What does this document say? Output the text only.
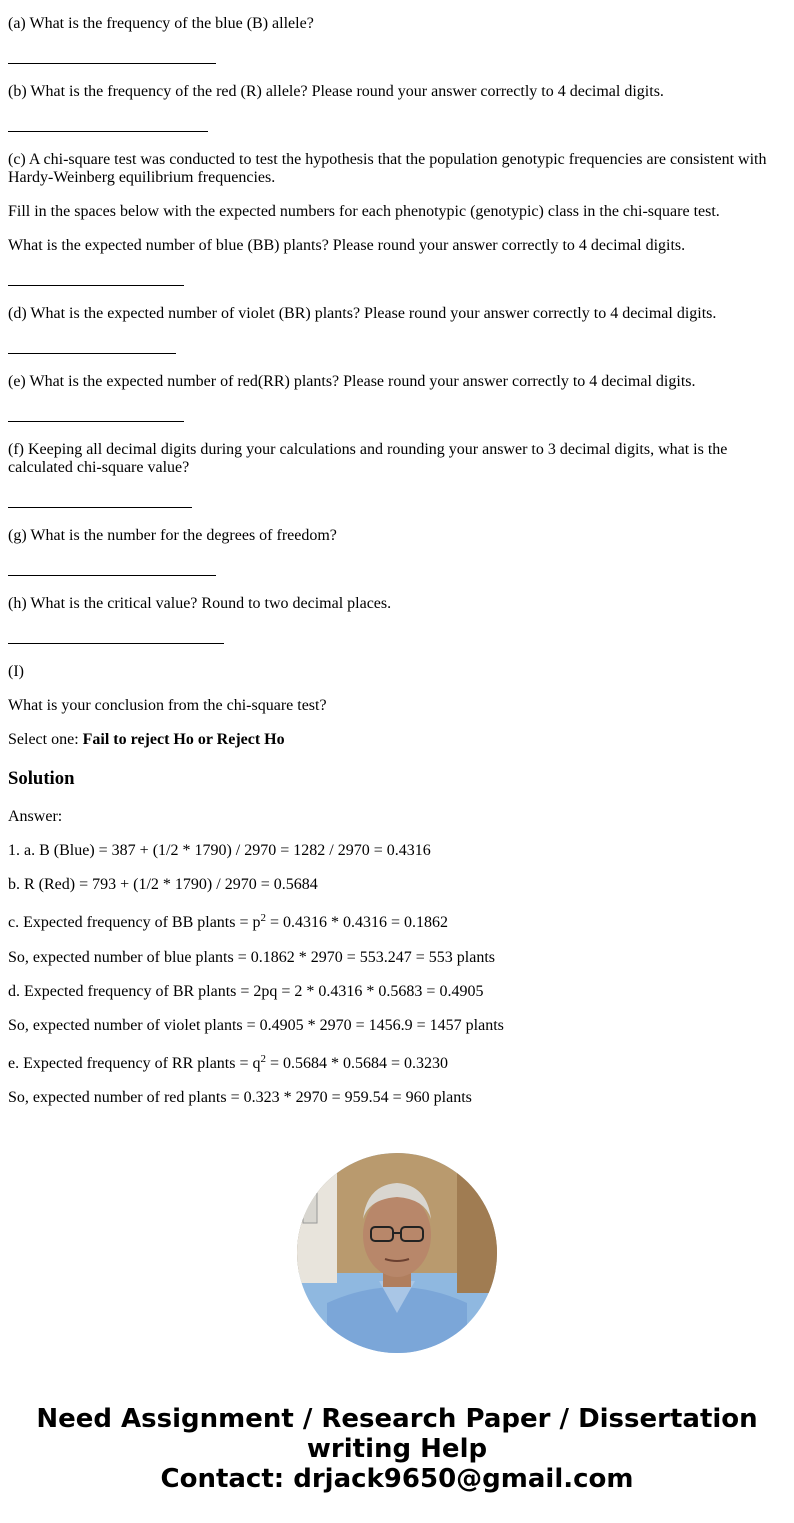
(a) What is the frequency of the blue (B) allele?

(b) What is the frequency of the red (R) allele? Please round your answer correctly to 4 decimal digits.

(c) A chi-square test was conducted to test the hypothesis that the population genotypic frequencies are consistent with Hardy-Weinberg equilibrium frequencies.

Fill in the spaces below with the expected numbers for each phenotypic (genotypic) class in the chi-square test.

What is the expected number of blue (BB) plants? Please round your answer correctly to 4 decimal digits.

(d) What is the expected number of violet (BR) plants? Please round your answer correctly to 4 decimal digits.

(e) What is the expected number of red(RR) plants? Please round your answer correctly to 4 decimal digits.

(f) Keeping all decimal digits during your calculations and rounding your answer to 3 decimal digits, what is the calculated chi-square value?

(g) What is the number for the degrees of freedom?

(h) What is the critical value? Round to two decimal places.

(I)

What is your conclusion from the chi-square test?

Select one: Fail to reject Ho or Reject Ho

Solution

Answer:

1. a. B (Blue) = 387 + (1/2 * 1790) / 2970 = 1282 / 2970 = 0.4316

b. R (Red) = 793 + (1/2 * 1790) / 2970 = 0.5684

c. Expected frequency of BB plants = $p^2 = 0.4316 * 0.4316 = 0.1862$

So, expected number of blue plants = 0.1862 * 2970 = 553.247 = 553 plants

d. Expected frequency of BR plants = 2pq = 2 * 0.4316 * 0.5683 = 0.4905

So, expected number of violet plants = 0.4905 * 2970 = 1456.9 = 1457 plants

e. Expected frequency of RR plants = $q^2 = 0.5684 * 0.5684 = 0.3230$

So, expected number of red plants = 0.323 * 2970 = 959.54 = 960 plants

Need Assignment / Research Paper / Dissertation
writing Help
Contact: drjack9650@gmail.com
